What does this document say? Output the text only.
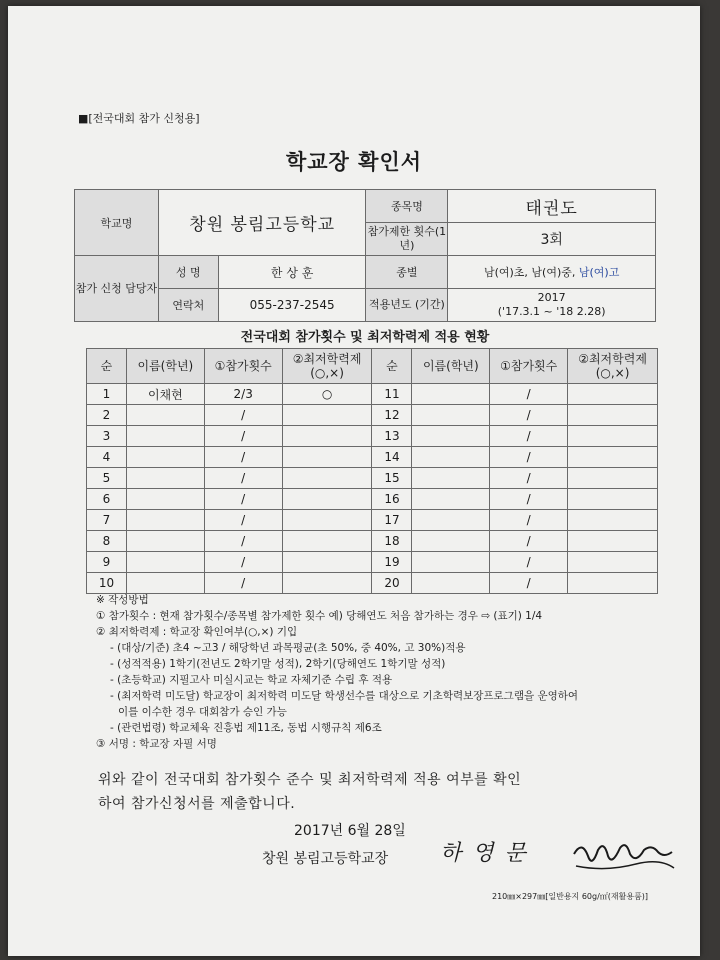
■[전국대회 참가 신청용]
학교장 확인서
학교명	창원 봉림고등학교		종목명	태권도
			참가제한 횟수(1년)	3회
참가 신청 담당자	성 명	한 상 훈	종별	남(여)초, 남(여)중, 남(여)고
	연락처	055-237-2545	적용년도 (기간)	2017
('17.3.1 ~ '18 2.28)
전국대회 참가횟수 및 최저학력제 적용 현황
순	이름(학년)	①참가횟수	②최저학력제 (○,×)	순	이름(학년)	①참가횟수	②최저학력제 (○,×)
1	이채현	2/3	○	11		/	
2		/		12		/	
3		/		13		/	
4		/		14		/	
5		/		15		/	
6		/		16		/	
7		/		17		/	
8		/		18		/	
9		/		19		/	
10		/		20		/	
※ 작성방법
① 참가횟수 : 현재 참가횟수/종목별 참가제한 횟수 예) 당해연도 처음 참가하는 경우 ⇨ (표기) 1/4
② 최저학력제 : 학교장 확인여부(○,×) 기입
- (대상/기준) 초4 ~고3 / 해당학년 과목평균(초 50%, 중 40%, 고 30%)적용
- (성적적용) 1학기(전년도 2학기말 성적), 2학기(당해연도 1학기말 성적)
- (초등학교) 지필고사 미실시교는 학교 자체기준 수립 후 적용
- (최저학력 미도달) 학교장이 최저학력 미도달 학생선수를 대상으로 기초학력보장프로그램을 운영하여
이를 이수한 경우 대회참가 승인 가능
- (관련법령) 학교체육 진흥법 제11조, 동법 시행규칙 제6조
③ 서명 : 학교장 자필 서명
위와 같이 전국대회 참가횟수 준수 및 최저학력제 적용 여부를 확인
하여 참가신청서를 제출합니다.
2017년 6월 28일
창원 봉림고등학교장 하 영 문
210㎜×297㎜[일반용지 60g/㎡(재활용품)]
